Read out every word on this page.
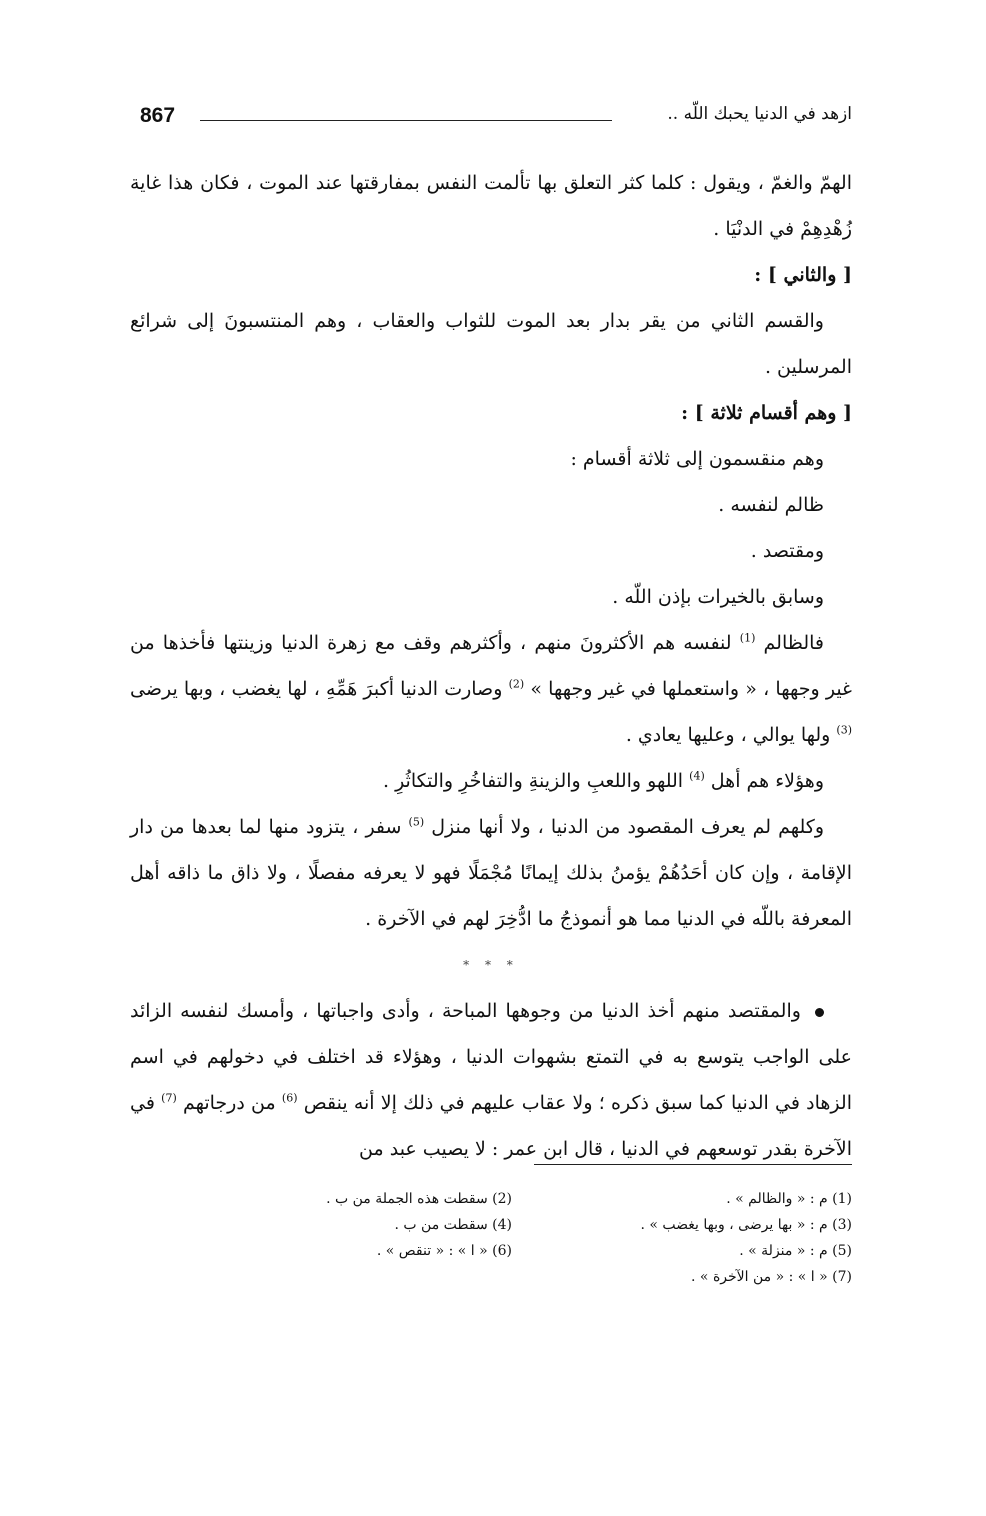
867	ازهد في الدنيا يحبك اللّه ..

الهمّ والغمّ ، ويقول : كلما كثر التعلق بها تألمت النفس بمفارقتها عند الموت ، فكان هذا غاية زُهْدِهِمْ في الدنْيَا .

[ والثاني ] :

والقسم الثاني من يقر بدار بعد الموت للثواب والعقاب ، وهم المنتسبونَ إلى شرائع المرسلين .

[ وهم أقسام ثلاثة ] :

وهم منقسمون إلى ثلاثة أقسام :

ظالم لنفسه .

ومقتصد .

وسابق بالخيرات بإذن اللّه .

فالظالم $^{(1)}$ لنفسه هم الأكثرونَ منهم ، وأكثرهم وقف مع زهرة الدنيا وزينتها فأخذها من غير وجهها ، « واستعملها في غير وجهها » $^{(2)}$ وصارت الدنيا أكبرَ هَمِّهِ ، لها يغضب ، وبها يرضى $^{(3)}$ ولها يوالي ، وعليها يعادي .

وهؤلاء هم أهل $^{(4)}$ اللهو واللعبِ والزينةِ والتفاخُرِ والتكاثُرِ .

وكلهم لم يعرف المقصود من الدنيا ، ولا أنها منزل $^{(5)}$ سفر ، يتزود منها لما بعدها من دار الإقامة ، وإن كان أحَدُهُمْ يؤمنُ بذلك إيمانًا مُجْمَلًا فهو لا يعرفه مفصلًا ، ولا ذاق ما ذاقه أهل المعرفة باللّه في الدنيا مما هو أنموذجُ ما ادُّخِرَ لهم في الآخرة .

* * *

والمقتصد منهم أخذ الدنيا من وجوهها المباحة ، وأدى واجباتها ، وأمسك لنفسه الزائد على الواجب يتوسع به في التمتع بشهوات الدنيا ، وهؤلاء قد اختلف في دخولهم في اسم الزهاد في الدنيا كما سبق ذكره ؛ ولا عقاب عليهم في ذلك إلا أنه ينقص $^{(6)}$ من درجاتهم $^{(7)}$ في الآخرة بقدر توسعهم في الدنيا ، قال ابن عمر : لا يصيب عبد من

(1) م : « والظالم » .
(2) سقطت هذه الجملة من ب .
(3) م : « بها يرضى ، وبها يغضب » .
(4) سقطت من ب .
(5) م : « منزلة » .
(6) « ا » : « تنقص » .
(7) « ا » : « من الآخرة » .
